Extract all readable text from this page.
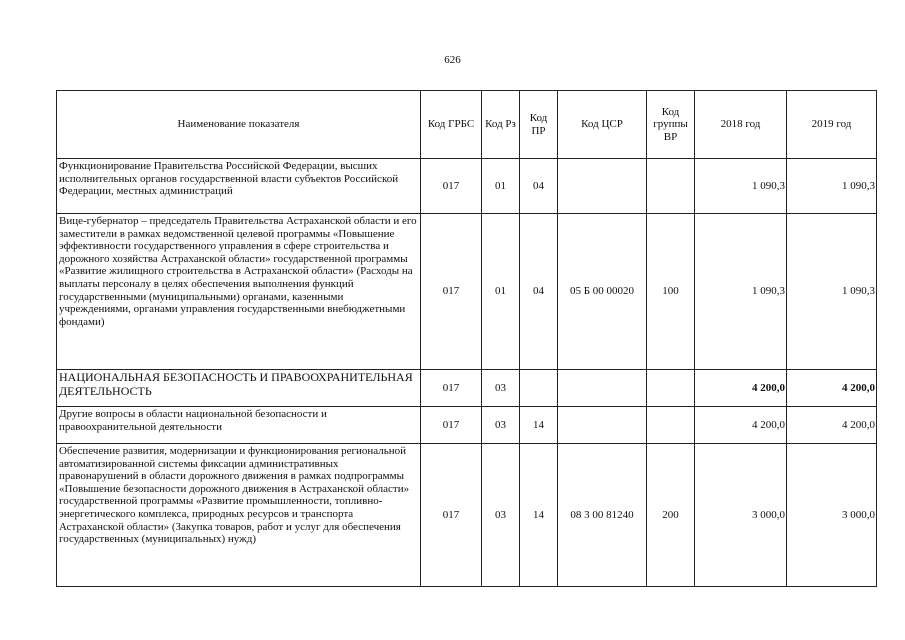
626
Наименование показателя	Код ГРБС	Код Рз	Код ПР	Код ЦСР	Код группы ВР	2018 год	2019 год
Функционирование Правительства Российской Федерации, высших исполнительных органов государственной власти субъектов Российской Федерации, местных администраций	017	01	04			1 090,3	1 090,3
Вице-губернатор – председатель Правительства Астраханской области и его заместители в рамках ведомственной целевой программы «Повышение эффективности государственного управления в сфере строительства и дорожного хозяйства Астраханской области» государственной программы «Развитие жилищного строительства в Астраханской области» (Расходы на выплаты персоналу в целях обеспечения выполнения функций государственными (муниципальными) органами, казенными учреждениями, органами управления государственными внебюджетными фондами)	017	01	04	05 Б 00 00020	100	1 090,3	1 090,3
НАЦИОНАЛЬНАЯ БЕЗОПАСНОСТЬ И ПРАВООХРАНИТЕЛЬНАЯ ДЕЯТЕЛЬНОСТЬ	017	03				4 200,0	4 200,0
Другие вопросы в области национальной безопасности и правоохранительной деятельности	017	03	14			4 200,0	4 200,0
Обеспечение развития, модернизации и функционирования региональной автоматизированной системы фиксации административных правонарушений в области дорожного движения в рамках подпрограммы «Повышение безопасности дорожного движения в Астраханской области» государственной программы «Развитие промышленности, топливно-энергетического комплекса, природных ресурсов и транспорта Астраханской области» (Закупка товаров, работ и услуг для обеспечения государственных (муниципальных) нужд)	017	03	14	08 3 00 81240	200	3 000,0	3 000,0
